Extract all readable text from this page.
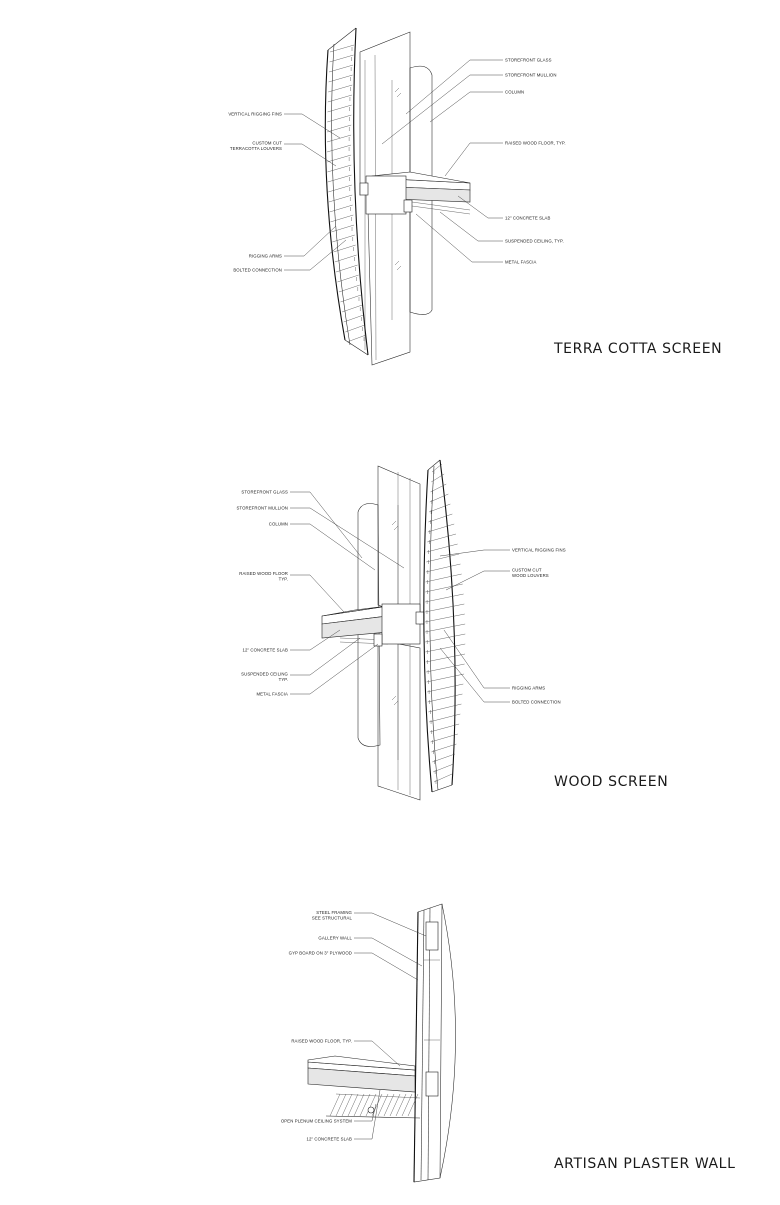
STOREFRONT GLASS
STOREFRONT MULLION
COLUMN
RAISED WOOD FLOOR, TYP.
12" CONCRETE SLAB
SUSPENDED CEILING, TYP.
METAL FASCIA
VERTICAL RIGGING FINS
CUSTOM CUT
TERRACOTTA LOUVERS
RIGGING ARMS
BOLTED CONNECTION
TERRA COTTA SCREEN
STOREFRONT GLASS
STOREFRONT MULLION
COLUMN
RAISED WOOD FLOOR
TYP.
12" CONCRETE SLAB
SUSPENDED CEILING
TYP.
METAL FASCIA
VERTICAL RIGGING FINS
CUSTOM CUT
WOOD LOUVERS
RIGGING ARMS
BOLTED CONNECTION
WOOD SCREEN
STEEL FRAMING
SEE STRUCTURAL
GALLERY WALL
GYP BOARD ON 3" PLYWOOD
RAISED WOOD FLOOR, TYP.
OPEN PLENUM CEILING SYSTEM
12" CONCRETE SLAB
ARTISAN PLASTER WALL
